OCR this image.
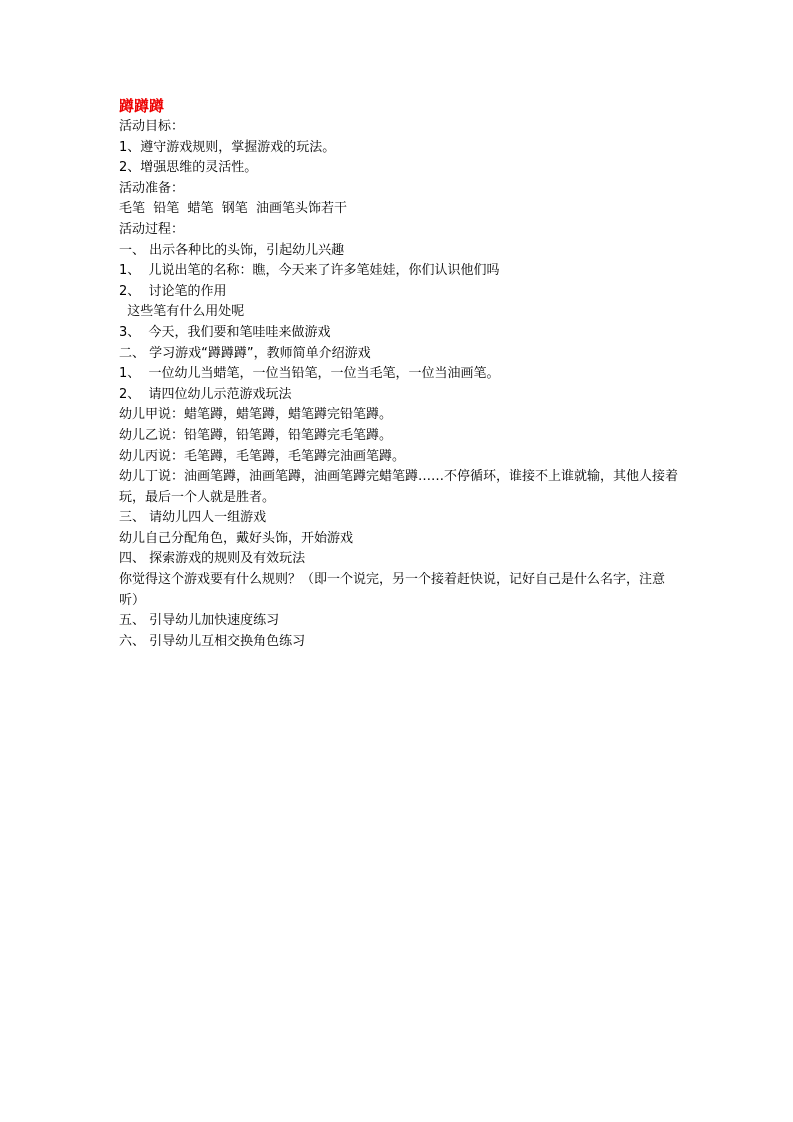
蹲蹲蹲
活动目标：
1、遵守游戏规则，掌握游戏的玩法。
2、增强思维的灵活性。
活动准备：
毛笔  铅笔  蜡笔  钢笔  油画笔头饰若干
活动过程：
一、 出示各种比的头饰，引起幼儿兴趣
1、  儿说出笔的名称：瞧，今天来了许多笔娃娃，你们认识他们吗
2、  讨论笔的作用
这些笔有什么用处呢
3、  今天，我们要和笔哇哇来做游戏
二、 学习游戏“蹲蹲蹲”，教师简单介绍游戏
1、  一位幼儿当蜡笔，一位当铅笔，一位当毛笔，一位当油画笔。
2、  请四位幼儿示范游戏玩法
幼儿甲说：蜡笔蹲，蜡笔蹲，蜡笔蹲完铅笔蹲。
幼儿乙说：铅笔蹲，铅笔蹲，铅笔蹲完毛笔蹲。
幼儿丙说：毛笔蹲，毛笔蹲，毛笔蹲完油画笔蹲。
幼儿丁说：油画笔蹲，油画笔蹲，油画笔蹲完蜡笔蹲……不停循环，谁接不上谁就输，其他人接着玩，最后一个人就是胜者。
三、 请幼儿四人一组游戏
幼儿自己分配角色，戴好头饰，开始游戏
四、 探索游戏的规则及有效玩法
你觉得这个游戏要有什么规则？（即一个说完，另一个接着赶快说，记好自己是什么名字，注意听）
五、 引导幼儿加快速度练习
六、 引导幼儿互相交换角色练习
